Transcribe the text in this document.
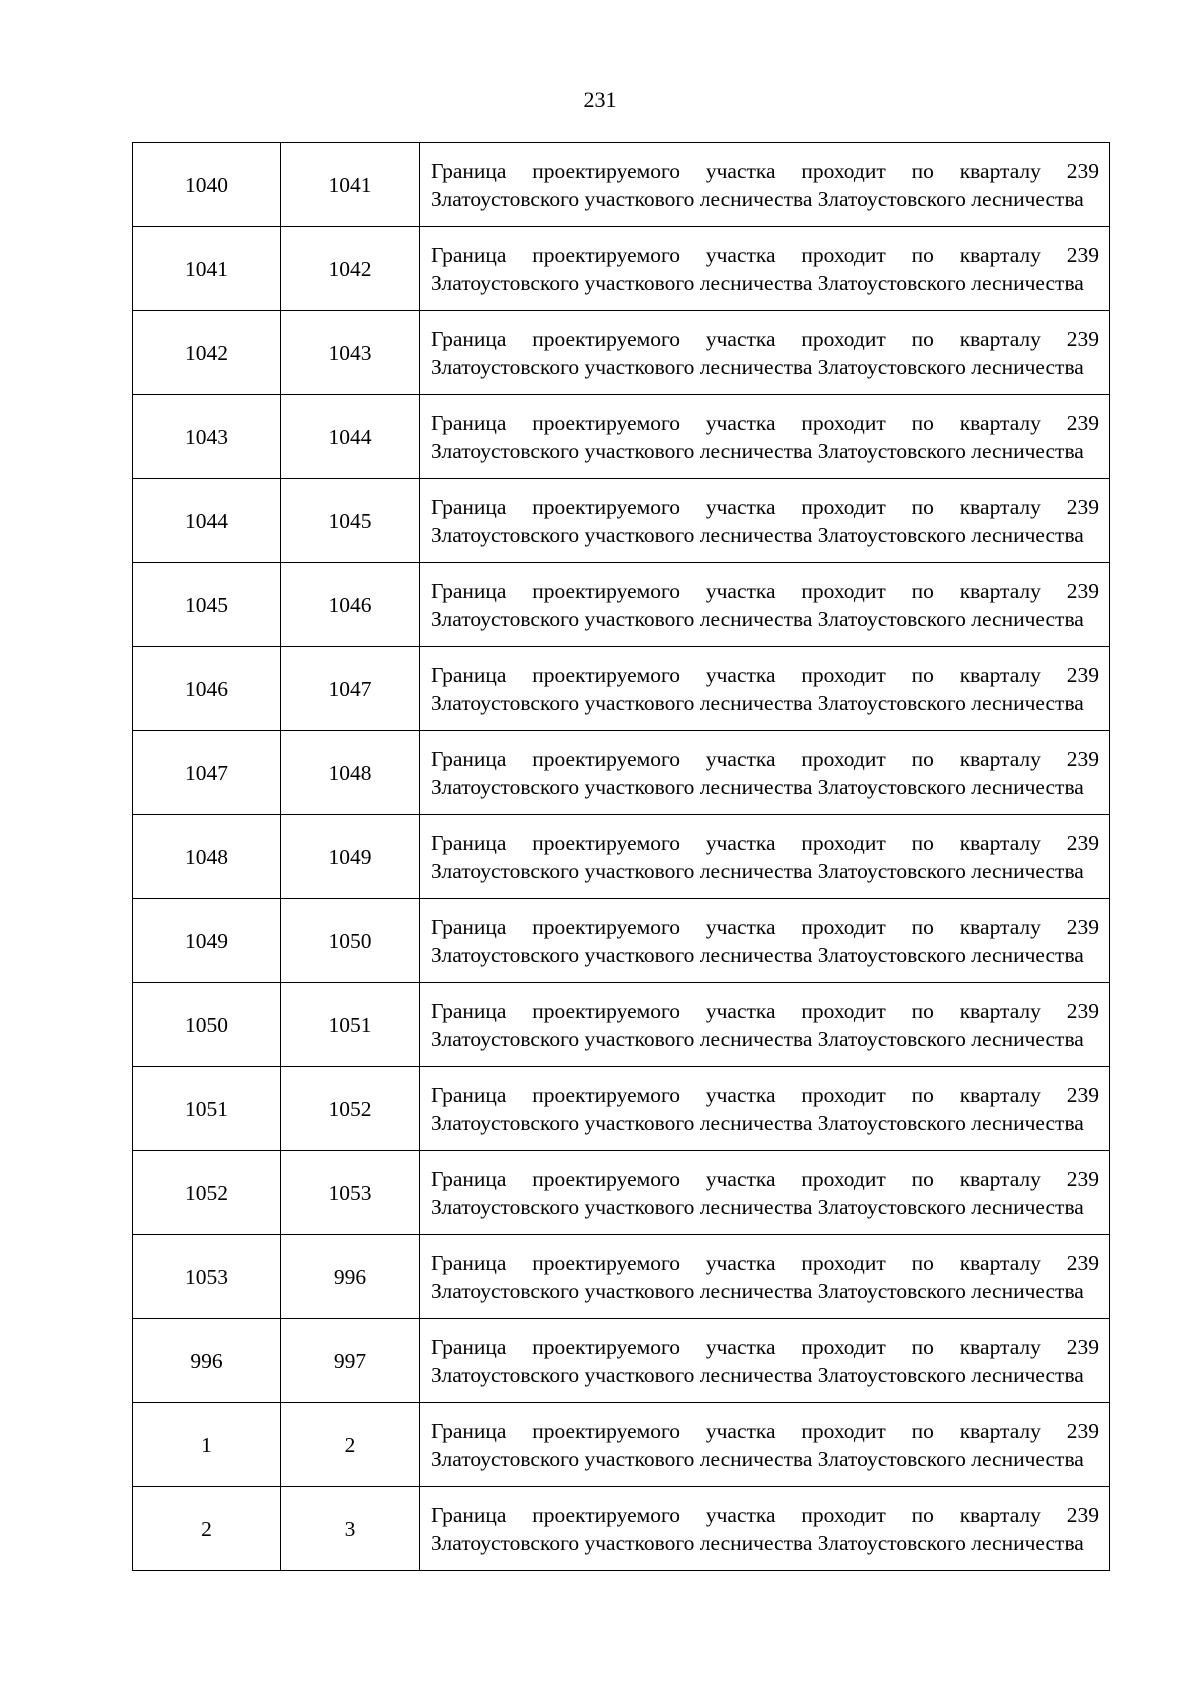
231
1040	1041	Граница проектируемого участка проходит по кварталу 239 Златоустовского участкового лесничества Златоустовского лесничества
1041	1042	Граница проектируемого участка проходит по кварталу 239 Златоустовского участкового лесничества Златоустовского лесничества
1042	1043	Граница проектируемого участка проходит по кварталу 239 Златоустовского участкового лесничества Златоустовского лесничества
1043	1044	Граница проектируемого участка проходит по кварталу 239 Златоустовского участкового лесничества Златоустовского лесничества
1044	1045	Граница проектируемого участка проходит по кварталу 239 Златоустовского участкового лесничества Златоустовского лесничества
1045	1046	Граница проектируемого участка проходит по кварталу 239 Златоустовского участкового лесничества Златоустовского лесничества
1046	1047	Граница проектируемого участка проходит по кварталу 239 Златоустовского участкового лесничества Златоустовского лесничества
1047	1048	Граница проектируемого участка проходит по кварталу 239 Златоустовского участкового лесничества Златоустовского лесничества
1048	1049	Граница проектируемого участка проходит по кварталу 239 Златоустовского участкового лесничества Златоустовского лесничества
1049	1050	Граница проектируемого участка проходит по кварталу 239 Златоустовского участкового лесничества Златоустовского лесничества
1050	1051	Граница проектируемого участка проходит по кварталу 239 Златоустовского участкового лесничества Златоустовского лесничества
1051	1052	Граница проектируемого участка проходит по кварталу 239 Златоустовского участкового лесничества Златоустовского лесничества
1052	1053	Граница проектируемого участка проходит по кварталу 239 Златоустовского участкового лесничества Златоустовского лесничества
1053	996	Граница проектируемого участка проходит по кварталу 239 Златоустовского участкового лесничества Златоустовского лесничества
996	997	Граница проектируемого участка проходит по кварталу 239 Златоустовского участкового лесничества Златоустовского лесничества
1	2	Граница проектируемого участка проходит по кварталу 239 Златоустовского участкового лесничества Златоустовского лесничества
2	3	Граница проектируемого участка проходит по кварталу 239 Златоустовского участкового лесничества Златоустовского лесничества
